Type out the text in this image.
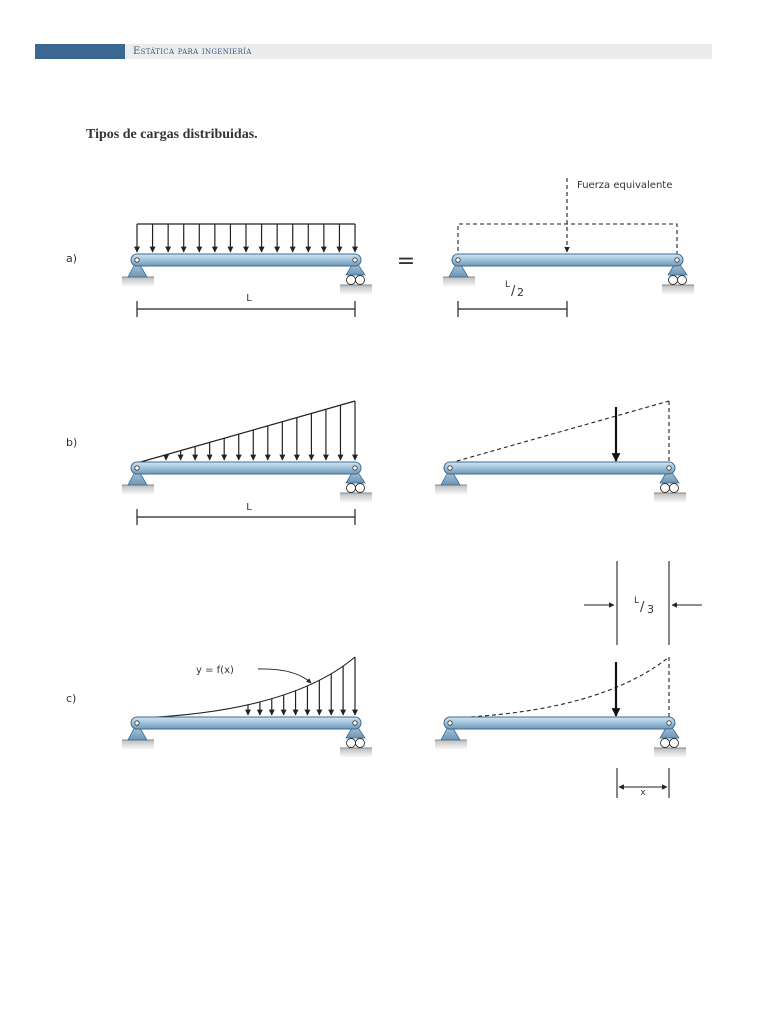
Estática para ingeniería
Tipos de cargas distribuidas.
a)
b)
c)
L
=
Fuerza equivalente
L / 2
L
y = f(x)
L / 3
x
